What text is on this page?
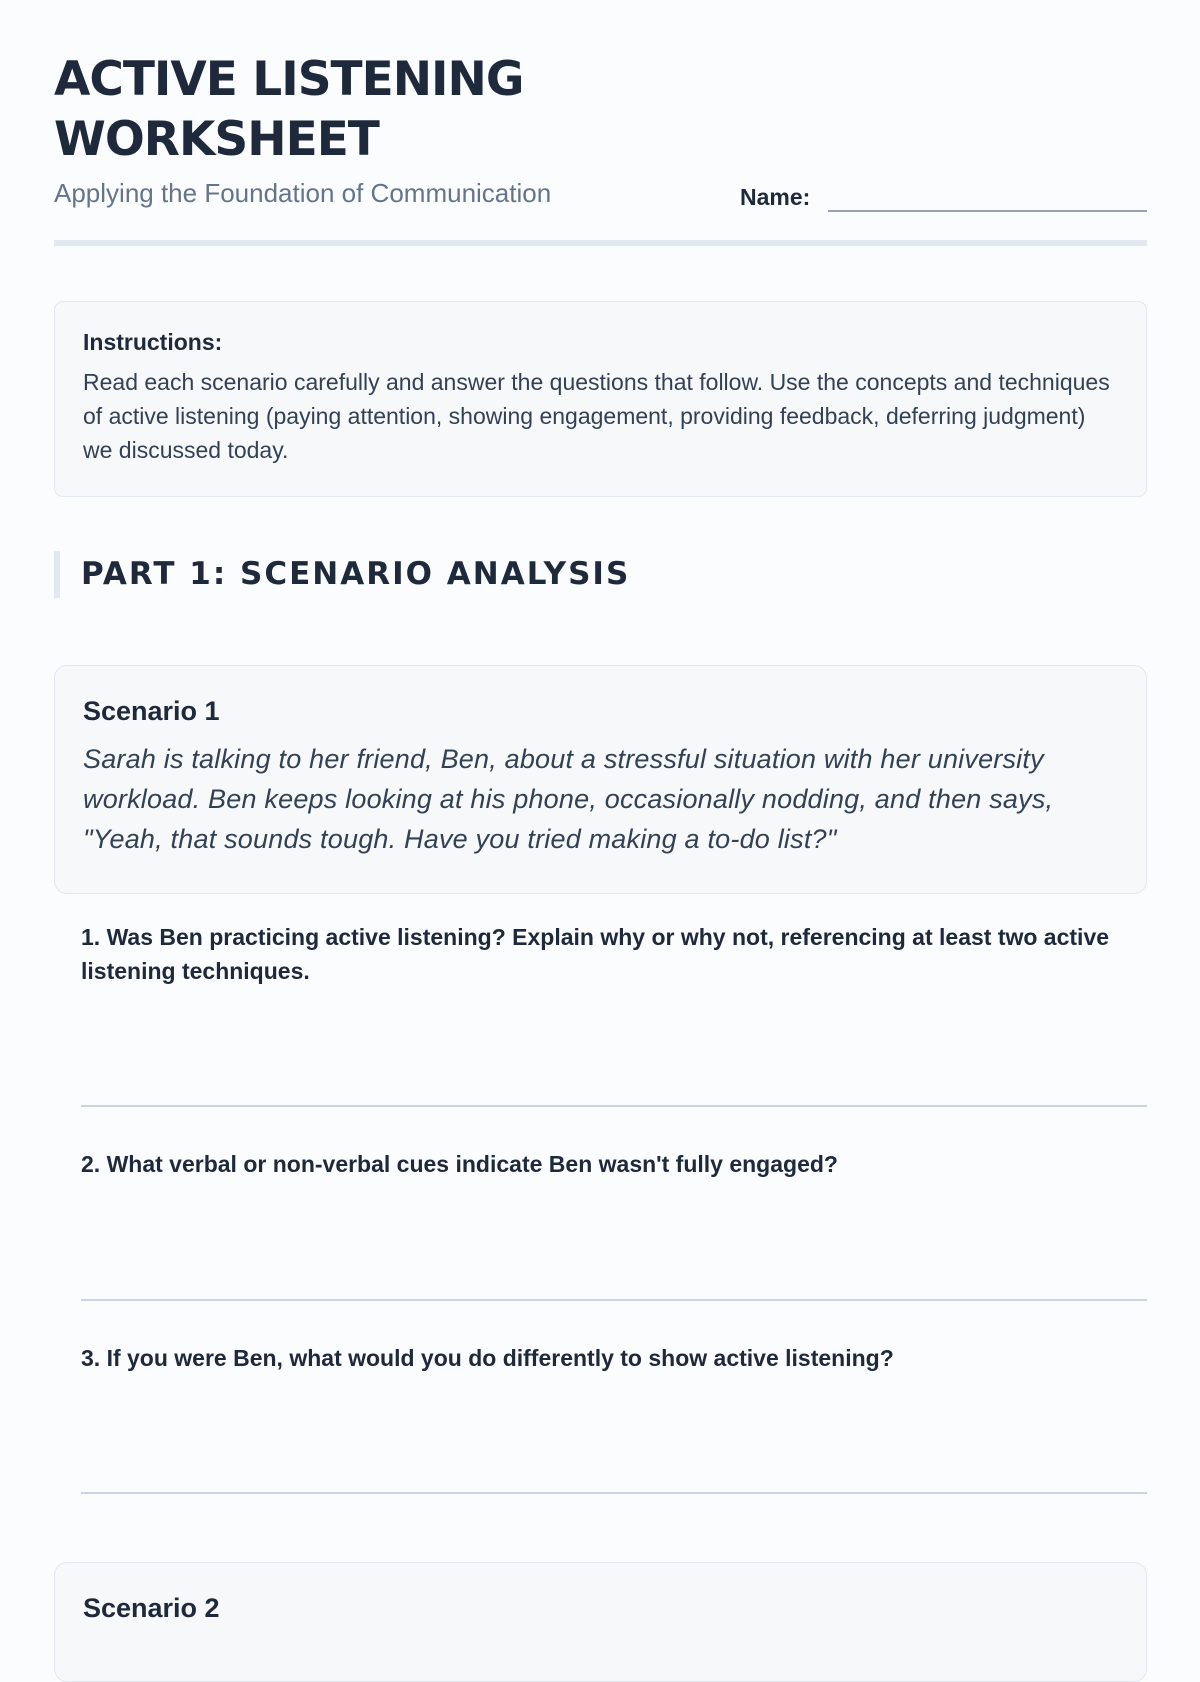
ACTIVE LISTENING WORKSHEET
Applying the Foundation of Communication	Name:

Instructions:

Read each scenario carefully and answer the questions that follow. Use the concepts and techniques of active listening (paying attention, showing engagement, providing feedback, deferring judgment) we discussed today.

PART 1: SCENARIO ANALYSIS

Scenario 1

Sarah is talking to her friend, Ben, about a stressful situation with her university workload. Ben keeps looking at his phone, occasionally nodding, and then says, "Yeah, that sounds tough. Have you tried making a to-do list?"

1. Was Ben practicing active listening? Explain why or why not, referencing at least two active listening techniques.
2. What verbal or non-verbal cues indicate Ben wasn't fully engaged?
3. If you were Ben, what would you do differently to show active listening?

Scenario 2
